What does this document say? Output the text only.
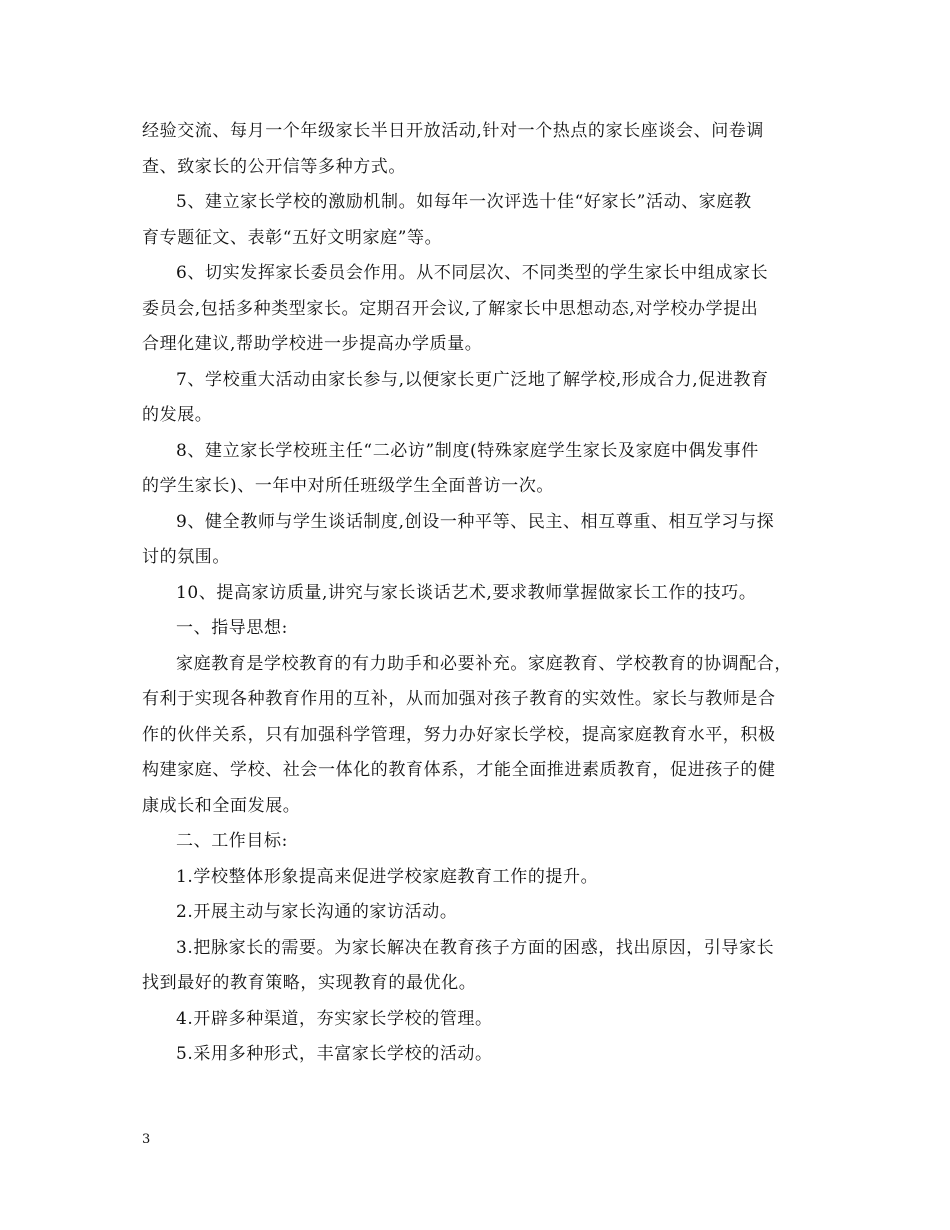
经验交流、每月一个年级家长半日开放活动,针对一个热点的家长座谈会、问卷调
查、致家长的公开信等多种方式。
5、建立家长学校的激励机制。如每年一次评选十佳“好家长”活动、家庭教
育专题征文、表彰“五好文明家庭”等。
6、切实发挥家长委员会作用。从不同层次、不同类型的学生家长中组成家长
委员会,包括多种类型家长。定期召开会议,了解家长中思想动态,对学校办学提出
合理化建议,帮助学校进一步提高办学质量。
7、学校重大活动由家长参与,以便家长更广泛地了解学校,形成合力,促进教育
的发展。
8、建立家长学校班主任“二必访”制度(特殊家庭学生家长及家庭中偶发事件
的学生家长)、一年中对所任班级学生全面普访一次。
9、健全教师与学生谈话制度,创设一种平等、民主、相互尊重、相互学习与探
讨的氛围。
10、提高家访质量,讲究与家长谈话艺术,要求教师掌握做家长工作的技巧。
一、指导思想:
家庭教育是学校教育的有力助手和必要补充。家庭教育、学校教育的协调配合，
有利于实现各种教育作用的互补，从而加强对孩子教育的实效性。家长与教师是合
作的伙伴关系，只有加强科学管理，努力办好家长学校，提高家庭教育水平，积极
构建家庭、学校、社会一体化的教育体系，才能全面推进素质教育，促进孩子的健
康成长和全面发展。
二、工作目标:
1.学校整体形象提高来促进学校家庭教育工作的提升。
2.开展主动与家长沟通的家访活动。
3.把脉家长的需要。为家长解决在教育孩子方面的困惑，找出原因，引导家长
找到最好的教育策略，实现教育的最优化。
4.开辟多种渠道，夯实家长学校的管理。
5.采用多种形式，丰富家长学校的活动。
3
